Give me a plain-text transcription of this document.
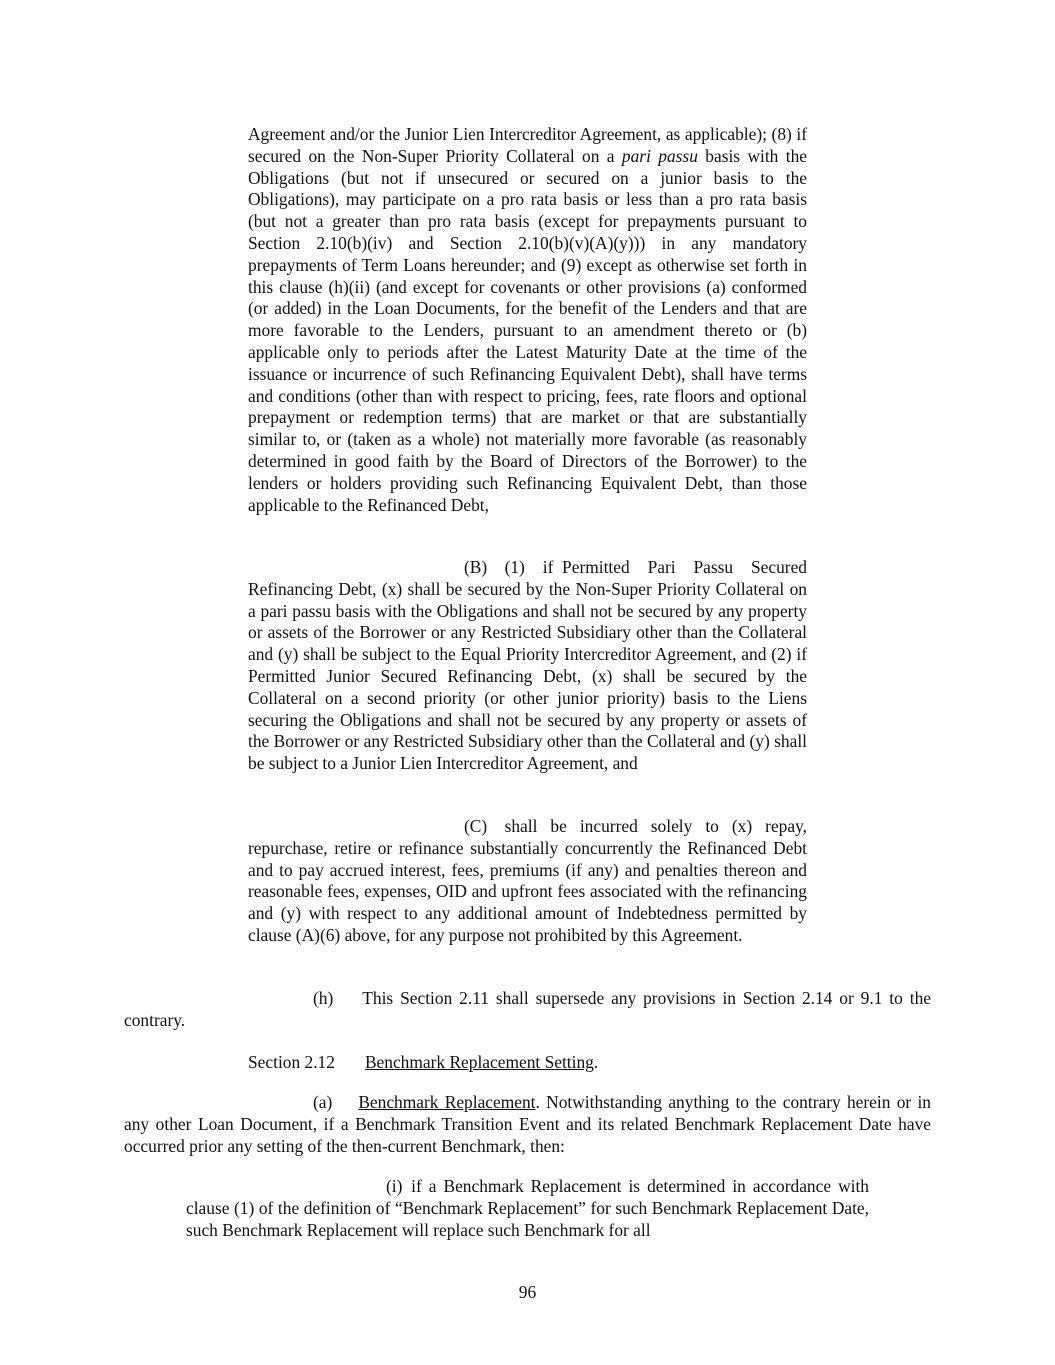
Agreement and/or the Junior Lien Intercreditor Agreement, as applicable); (8) if secured on the Non-Super Priority Collateral on a pari passu basis with the Obligations (but not if unsecured or secured on a junior basis to the Obligations), may participate on a pro rata basis or less than a pro rata basis (but not a greater than pro rata basis (except for prepayments pursuant to Section 2.10(b)(iv) and Section 2.10(b)(v)(A)(y))) in any mandatory prepayments of Term Loans hereunder; and (9) except as otherwise set forth in this clause (h)(ii) (and except for covenants or other provisions (a) conformed (or added) in the Loan Documents, for the benefit of the Lenders and that are more favorable to the Lenders, pursuant to an amendment thereto or (b) applicable only to periods after the Latest Maturity Date at the time of the issuance or incurrence of such Refinancing Equivalent Debt), shall have terms and conditions (other than with respect to pricing, fees, rate floors and optional prepayment or redemption terms) that are market or that are substantially similar to, or (taken as a whole) not materially more favorable (as reasonably determined in good faith by the Board of Directors of the Borrower) to the lenders or holders providing such Refinancing Equivalent Debt, than those applicable to the Refinanced Debt,

(B) (1) if Permitted Pari Passu Secured Refinancing Debt, (x) shall be secured by the Non-Super Priority Collateral on a pari passu basis with the Obligations and shall not be secured by any property or assets of the Borrower or any Restricted Subsidiary other than the Collateral and (y) shall be subject to the Equal Priority Intercreditor Agreement, and (2) if Permitted Junior Secured Refinancing Debt, (x) shall be secured by the Collateral on a second priority (or other junior priority) basis to the Liens securing the Obligations and shall not be secured by any property or assets of the Borrower or any Restricted Subsidiary other than the Collateral and (y) shall be subject to a Junior Lien Intercreditor Agreement, and

(C) shall be incurred solely to (x) repay, repurchase, retire or refinance substantially concurrently the Refinanced Debt and to pay accrued interest, fees, premiums (if any) and penalties thereon and reasonable fees, expenses, OID and upfront fees associated with the refinancing and (y) with respect to any additional amount of Indebtedness permitted by clause (A)(6) above, for any purpose not prohibited by this Agreement.

(h) This Section 2.11 shall supersede any provisions in Section 2.14 or 9.1 to the contrary.

Section 2.12 Benchmark Replacement Setting.

(a) Benchmark Replacement. Notwithstanding anything to the contrary herein or in any other Loan Document, if a Benchmark Transition Event and its related Benchmark Replacement Date have occurred prior any setting of the then-current Benchmark, then:

(i) if a Benchmark Replacement is determined in accordance with clause (1) of the definition of “Benchmark Replacement” for such Benchmark Replacement Date, such Benchmark Replacement will replace such Benchmark for all

96
